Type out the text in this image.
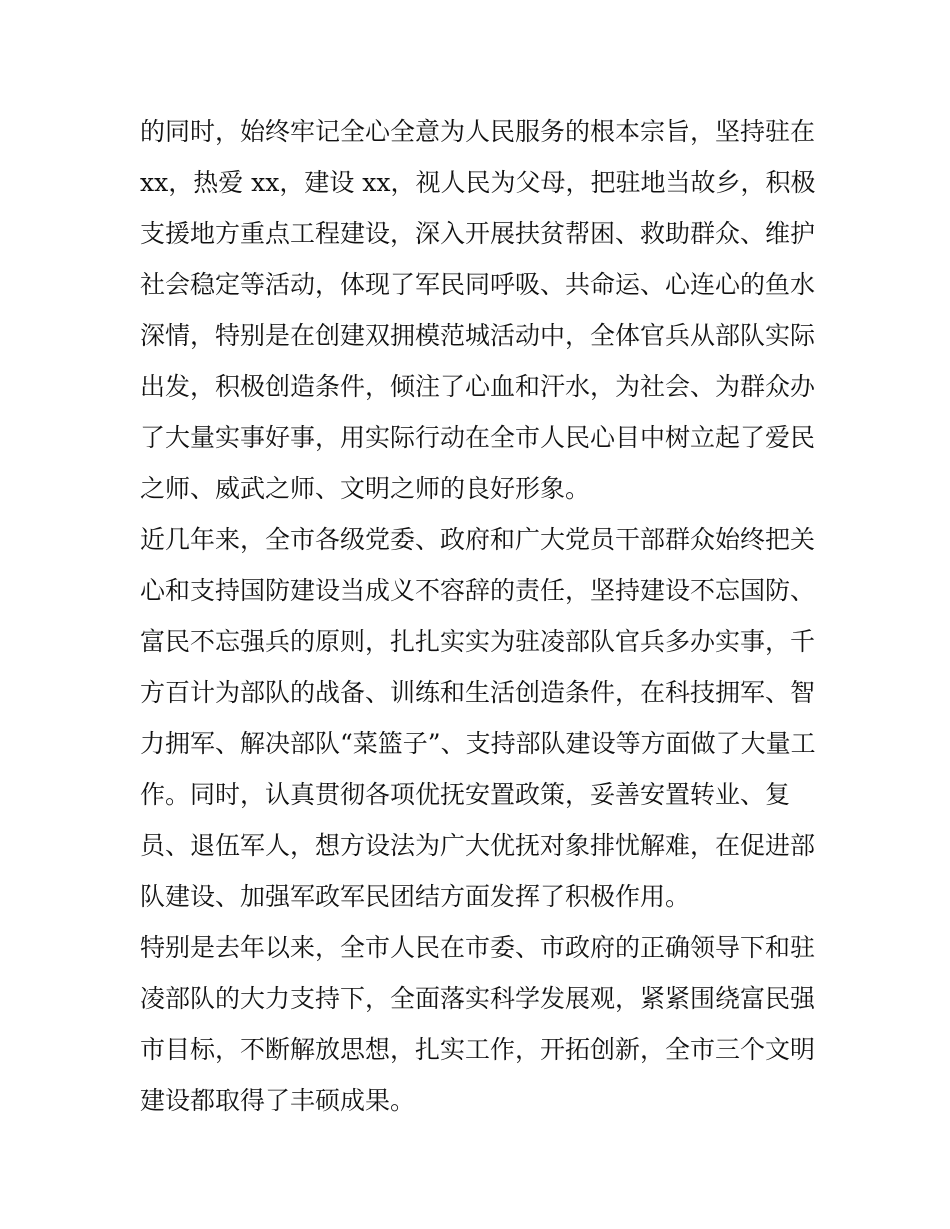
的同时，始终牢记全心全意为人民服务的根本宗旨，坚持驻在
xx，热爱 xx，建设 xx，视人民为父母，把驻地当故乡，积极
支援地方重点工程建设，深入开展扶贫帮困、救助群众、维护
社会稳定等活动，体现了军民同呼吸、共命运、心连心的鱼水
深情，特别是在创建双拥模范城活动中，全体官兵从部队实际
出发，积极创造条件，倾注了心血和汗水，为社会、为群众办
了大量实事好事，用实际行动在全市人民心目中树立起了爱民
之师、威武之师、文明之师的良好形象。
近几年来，全市各级党委、政府和广大党员干部群众始终把关
心和支持国防建设当成义不容辞的责任，坚持建设不忘国防、
富民不忘强兵的原则，扎扎实实为驻凌部队官兵多办实事，千
方百计为部队的战备、训练和生活创造条件，在科技拥军、智
力拥军、解决部队“菜篮子”、支持部队建设等方面做了大量工
作。同时，认真贯彻各项优抚安置政策，妥善安置转业、复
员、退伍军人，想方设法为广大优抚对象排忧解难，在促进部
队建设、加强军政军民团结方面发挥了积极作用。
特别是去年以来，全市人民在市委、市政府的正确领导下和驻
凌部队的大力支持下，全面落实科学发展观，紧紧围绕富民强
市目标，不断解放思想，扎实工作，开拓创新，全市三个文明
建设都取得了丰硕成果。
